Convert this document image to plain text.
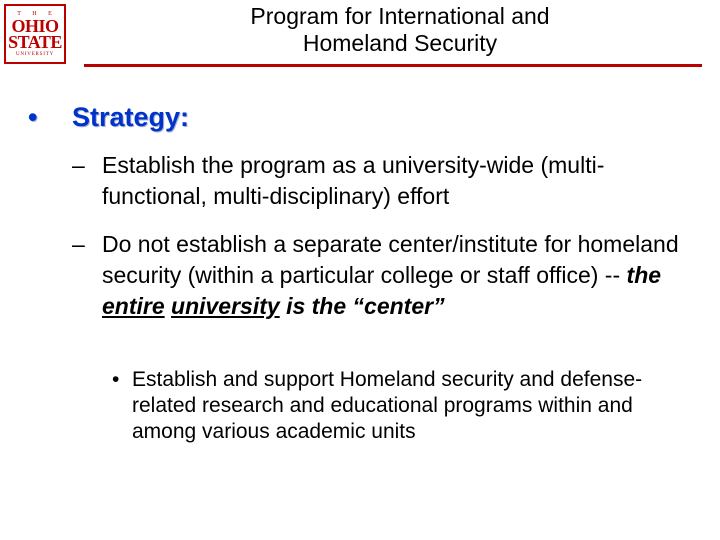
T H E
OHIO
STATE
UNIVERSITY
Program for International and
Homeland Security
• Strategy:
– Establish the program as a university-wide (multi-functional, multi-disciplinary) effort
– Do not establish a separate center/institute for homeland security (within a particular college or staff office) -- the entire university is the “center”
• Establish and support Homeland security and defense-related research and educational programs within and among various academic units
